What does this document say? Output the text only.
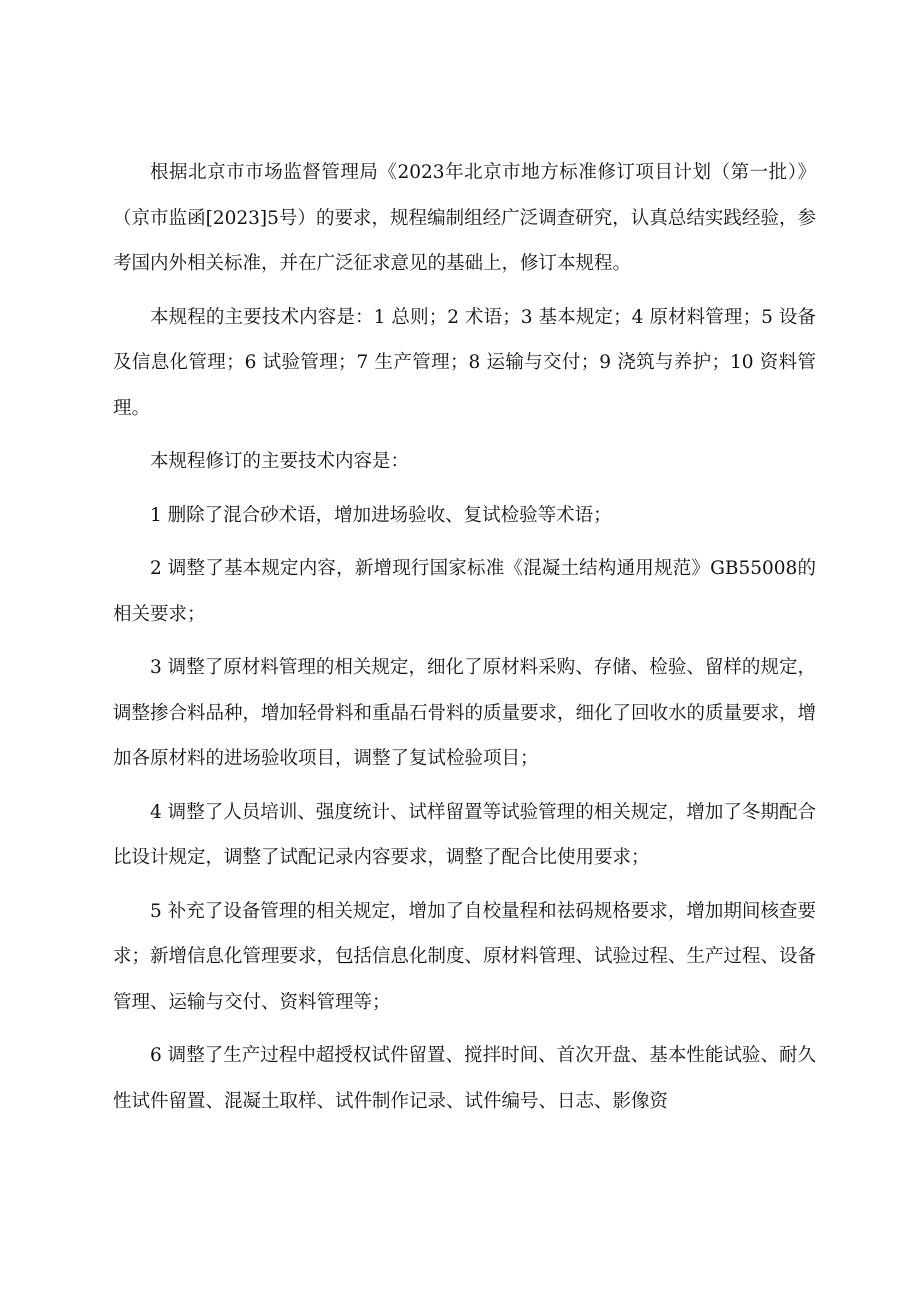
根据北京市市场监督管理局《2023年北京市地方标准修订项目计划（第一批）》（京市监函[2023]5号）的要求，规程编制组经广泛调查研究，认真总结实践经验，参考国内外相关标准，并在广泛征求意见的基础上，修订本规程。

本规程的主要技术内容是：1 总则；2 术语；3 基本规定；4 原材料管理；5 设备及信息化管理；6 试验管理；7 生产管理；8 运输与交付；9 浇筑与养护；10 资料管理。

本规程修订的主要技术内容是：

1 删除了混合砂术语，增加进场验收、复试检验等术语；

2 调整了基本规定内容，新增现行国家标准《混凝土结构通用规范》GB55008的相关要求；

3 调整了原材料管理的相关规定，细化了原材料采购、存储、检验、留样的规定，调整掺合料品种，增加轻骨料和重晶石骨料的质量要求，细化了回收水的质量要求，增加各原材料的进场验收项目，调整了复试检验项目；

4 调整了人员培训、强度统计、试样留置等试验管理的相关规定，增加了冬期配合比设计规定，调整了试配记录内容要求，调整了配合比使用要求；

5 补充了设备管理的相关规定，增加了自校量程和祛码规格要求，增加期间核查要求；新增信息化管理要求，包括信息化制度、原材料管理、试验过程、生产过程、设备管理、运输与交付、资料管理等；

6 调整了生产过程中超授权试件留置、搅拌时间、首次开盘、基本性能试验、耐久性试件留置、混凝土取样、试件制作记录、试件编号、日志、影像资
